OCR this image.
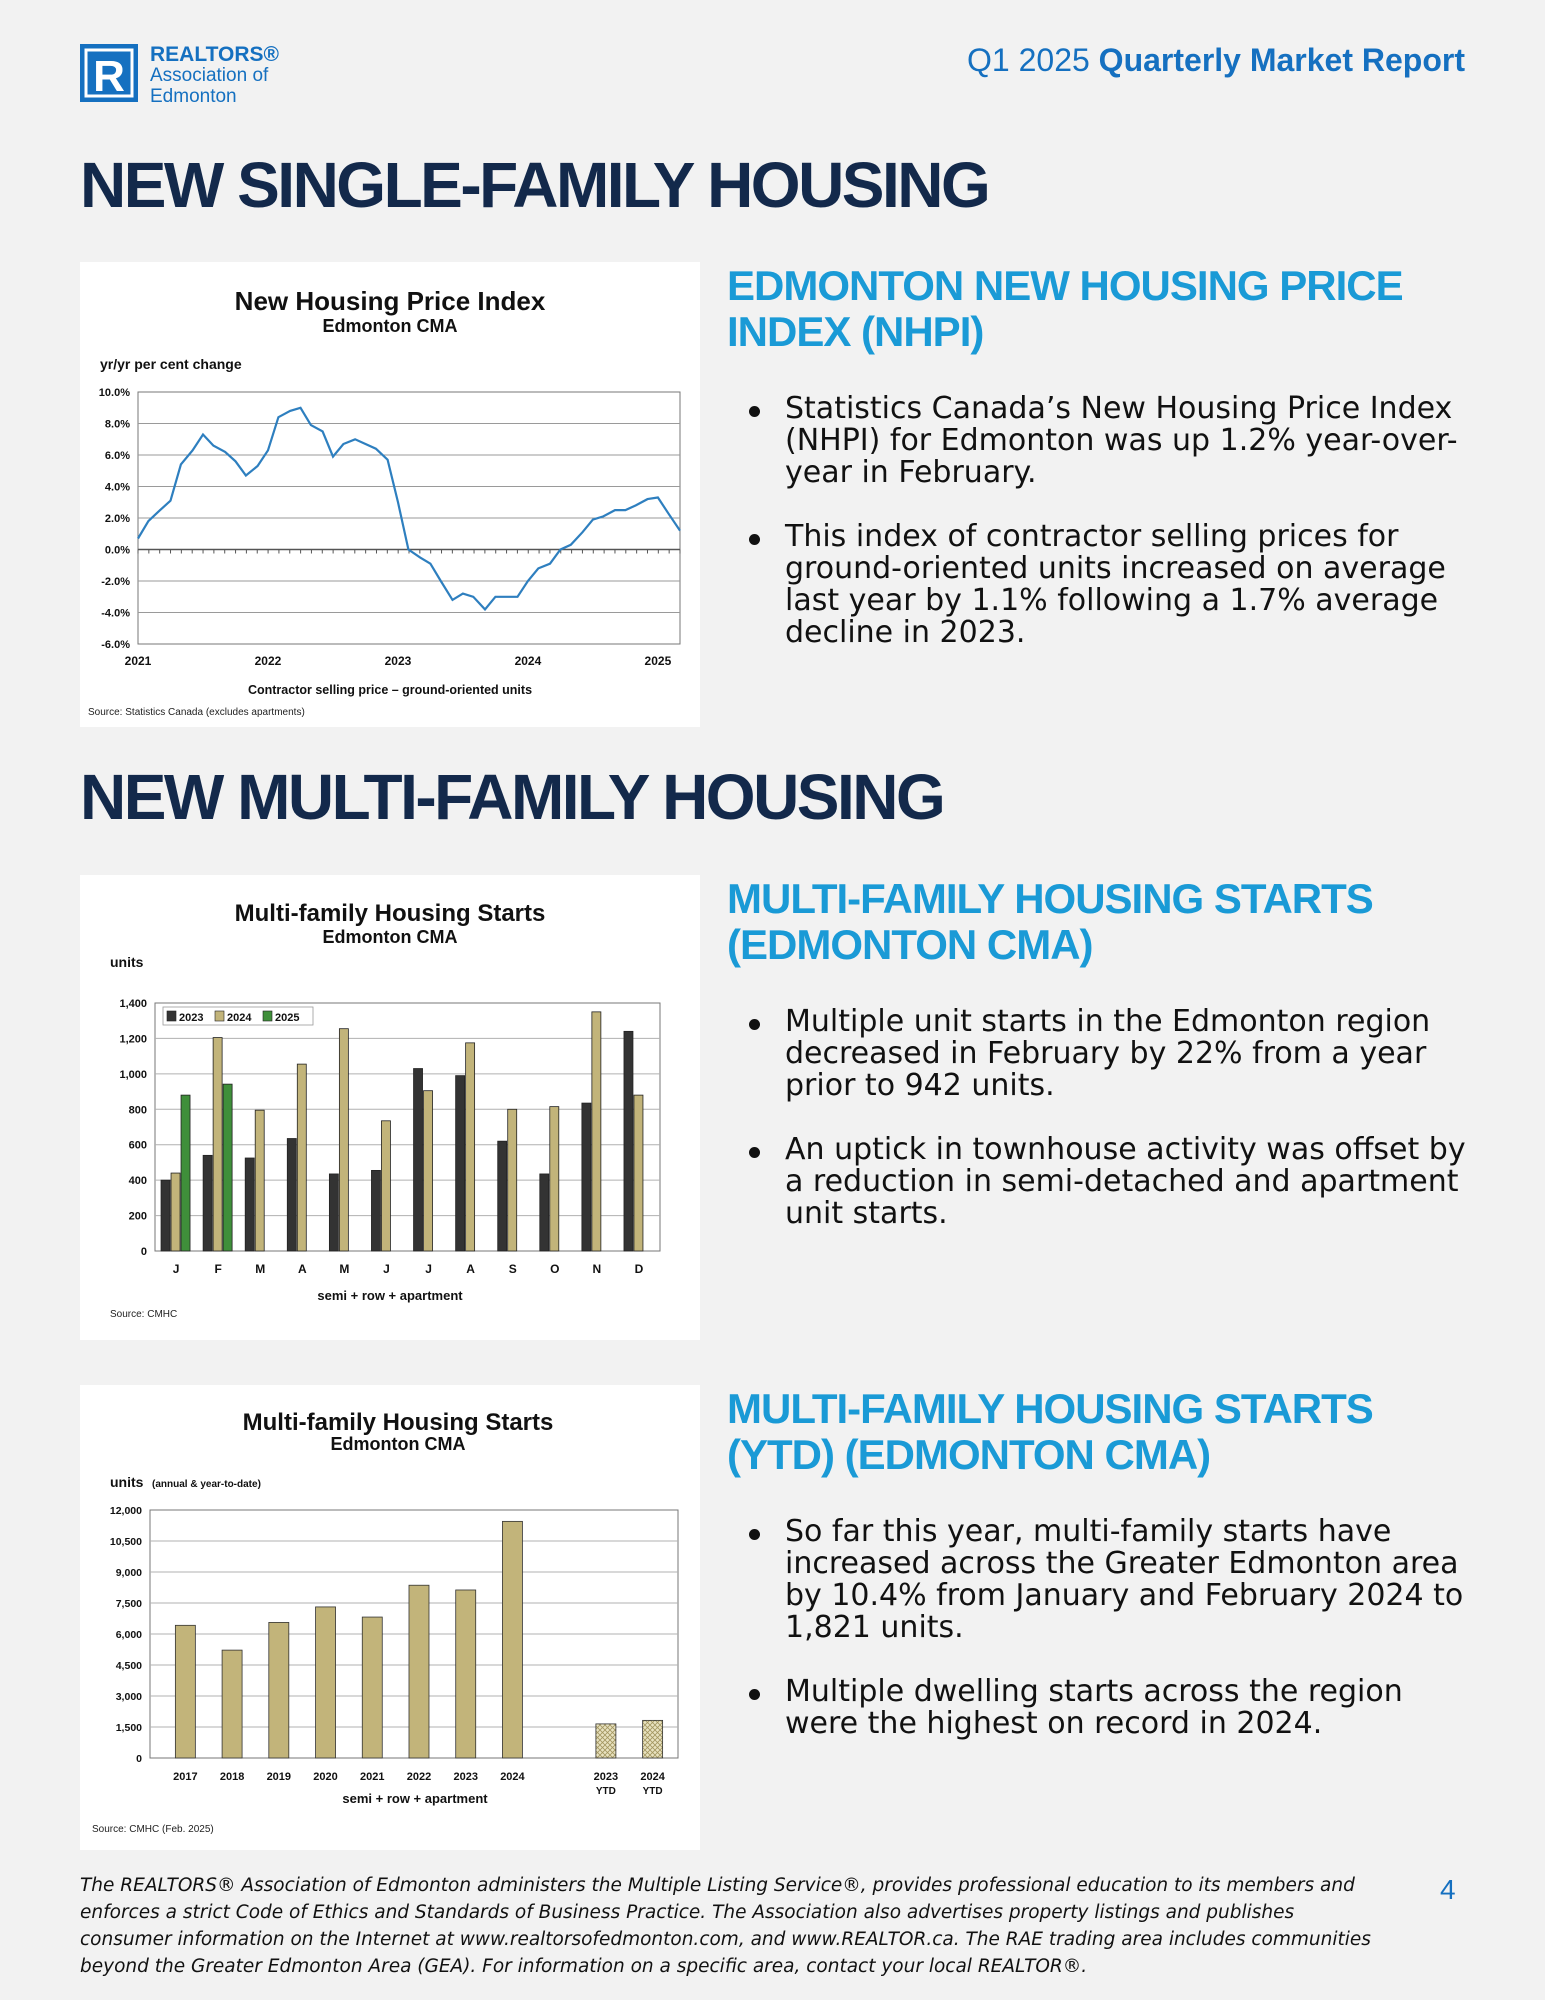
R REALTORS®
Association of
Edmonton
Q1 2025 Quarterly Market Report
NEW SINGLE-FAMILY HOUSING
New Housing Price Index
Edmonton CMA
yr/yr per cent change
10.0%
8.0%
6.0%
4.0%
2.0%
0.0%
-2.0%
-4.0%
-6.0%
2021	2022	2023	2024	2025
Contractor selling price – ground-oriented units
Source: Statistics Canada (excludes apartments)
EDMONTON NEW HOUSING PRICE INDEX (NHPI)
Statistics Canada’s New Housing Price Index (NHPI) for Edmonton was up 1.2% year-over-year in February.
This index of contractor selling prices for ground-oriented units increased on average last year by 1.1% following a 1.7% average decline in 2023.
NEW MULTI-FAMILY HOUSING
Multi-family Housing Starts
Edmonton CMA
units
1,400
1,200
1,000
800
600
400
200
0
J	F	M	A	M	J	J	A	S	O	N	D
2023 2024 2025
semi + row + apartment
Source: CMHC
MULTI-FAMILY HOUSING STARTS (EDMONTON CMA)
Multiple unit starts in the Edmonton region decreased in February by 22% from a year prior to 942 units.
An uptick in townhouse activity was offset by a reduction in semi-detached and apartment unit starts.
Multi-family Housing Starts
Edmonton CMA
units (annual & year-to-date)
12,000
10,500
9,000
7,500
6,000
4,500
3,000
1,500
0
2017 2018 2019 2020 2021 2022 2023 2024	2023
YTD
2024
YTD
semi + row + apartment
Source: CMHC (Feb. 2025)
MULTI-FAMILY HOUSING STARTS (YTD) (EDMONTON CMA)
So far this year, multi-family starts have increased across the Greater Edmonton area by 10.4% from January and February 2024 to 1,821 units.
Multiple dwelling starts across the region were the highest on record in 2024.
The REALTORS® Association of Edmonton administers the Multiple Listing Service®, provides professional education to its members and enforces a strict Code of Ethics and Standards of Business Practice. The Association also advertises property listings and publishes consumer information on the Internet at www.realtorsofedmonton.com, and www.REALTOR.ca. The RAE trading area includes communities beyond the Greater Edmonton Area (GEA). For information on a specific area, contact your local REALTOR®.
4
